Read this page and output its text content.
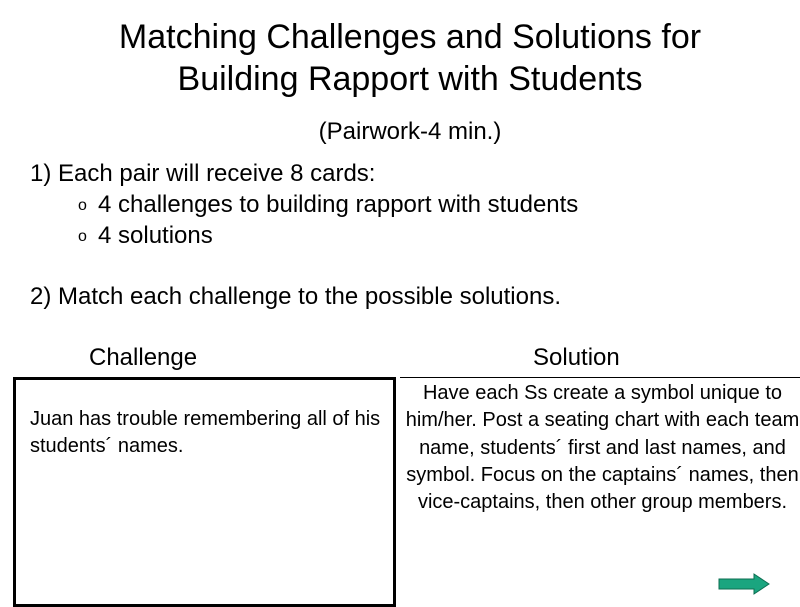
Matching Challenges and Solutions for
Building Rapport with Students
(Pairwork-4 min.)
1) Each pair will receive 8 cards:
o 4 challenges to building rapport with students
o 4 solutions
2) Match each challenge to the possible solutions.
Challenge	Solution
Juan has trouble remembering all of his students´ names.
Have each Ss create a symbol unique to him/her. Post a seating chart with each team name, students´ first and last names, and symbol. Focus on the captains´ names, then vice-captains, then other group members.
